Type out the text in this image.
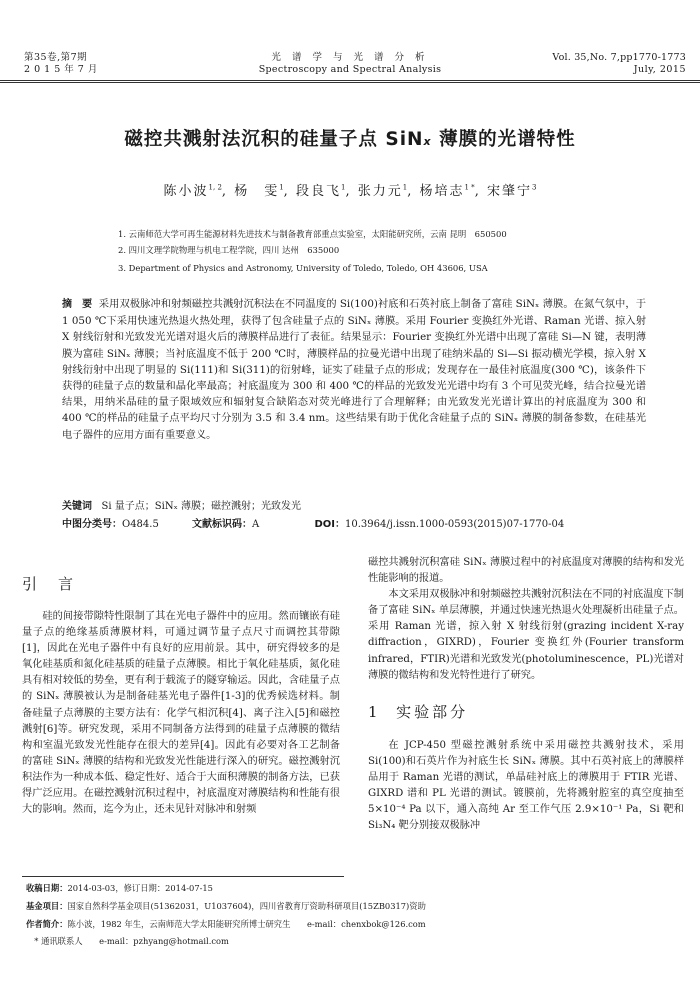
第35卷,第7期
2 0 1 5 年 7 月
光 谱 学 与 光 谱 分 析
Spectroscopy and Spectral Analysis
Vol. 35,No. 7,pp1770-1773
July, 2015
磁控共溅射法沉积的硅量子点 SiNx 薄膜的光谱特性
陈小波$^{1, 2}$, 杨　雯$^1$, 段良飞$^1$, 张力元$^1$, 杨培志$^{1 *}$, 宋肇宁$^3$
1. 云南师范大学可再生能源材料先进技术与制备教育部重点实验室，太阳能研究所，云南 昆明　650500
2. 四川文理学院物理与机电工程学院，四川 达州　635000
3. Department of Physics and Astronomy, University of Toledo, Toledo, OH 43606, USA
摘　要 采用双极脉冲和射频磁控共溅射沉积法在不同温度的 Si(100)衬底和石英衬底上制备了富硅 SiNₓ 薄膜。在氮气氛中，于 1 050 ℃下采用快速光热退火热处理，获得了包含硅量子点的 SiNₓ 薄膜。采用 Fourier 变换红外光谱、Raman 光谱、掠入射 X 射线衍射和光致发光光谱对退火后的薄膜样品进行了表征。结果显示：Fourier 变换红外光谱中出现了富硅 Si—N 键，表明薄膜为富硅 SiNₓ 薄膜；当衬底温度不低于 200 ℃时，薄膜样品的拉曼光谱中出现了硅纳米晶的 Si—Si 振动横光学模，掠入射 X 射线衍射中出现了明显的 Si(111)和 Si(311)的衍射峰，证实了硅量子点的形成；发现存在一最佳衬底温度(300 ℃)，该条件下获得的硅量子点的数量和晶化率最高；衬底温度为 300 和 400 ℃的样品的光致发光光谱中均有 3 个可见荧光峰，结合拉曼光谱结果，用纳米晶硅的量子限域效应和辐射复合缺陷态对荧光峰进行了合理解释；由光致发光光谱计算出的衬底温度为 300 和 400 ℃的样品的硅量子点平均尺寸分别为 3.5 和 3.4 nm。这些结果有助于优化含硅量子点的 SiNₓ 薄膜的制备参数，在硅基光电子器件的应用方面有重要意义。
关键词 Si 量子点；SiNₓ 薄膜；磁控溅射；光致发光
中图分类号：O484.5	文献标识码：A	DOI：10.3964/j.issn.1000-0593(2015)07-1770-04
引　言

硅的间接带隙特性限制了其在光电子器件中的应用。然而镶嵌有硅量子点的绝缘基质薄膜材料，可通过调节量子点尺寸而调控其带隙[1]，因此在光电子器件中有良好的应用前景。其中，研究得较多的是氧化硅基质和氮化硅基质的硅量子点薄膜。相比于氧化硅基质，氮化硅具有相对较低的势垒，更有利于载流子的隧穿输运。因此，含硅量子点的 SiNₓ 薄膜被认为是制备硅基光电子器件[1-3]的优秀候选材料。制备硅量子点薄膜的主要方法有：化学气相沉积[4]、离子注入[5]和磁控溅射[6]等。研究发现，采用不同制备方法得到的硅量子点薄膜的微结构和室温光致发光性能存在很大的差异[4]。因此有必要对各工艺制备的富硅 SiNₓ 薄膜的结构和光致发光性能进行深入的研究。磁控溅射沉积法作为一种成本低、稳定性好、适合于大面积薄膜的制备方法，已获得广泛应用。在磁控溅射沉积过程中，衬底温度对薄膜结构和性能有很大的影响。然而，迄今为止，还未见针对脉冲和射频

磁控共溅射沉积富硅 SiNₓ 薄膜过程中的衬底温度对薄膜的结构和发光性能影响的报道。

本文采用双极脉冲和射频磁控共溅射沉积法在不同的衬底温度下制备了富硅 SiNₓ 单层薄膜，并通过快速光热退火处理凝析出硅量子点。采用 Raman 光谱，掠入射 X 射线衍射(grazing incident X-ray diffraction，GIXRD)，Fourier 变换红外(Fourier transform infrared，FTIR)光谱和光致发光(photoluminescence，PL)光谱对薄膜的微结构和发光特性进行了研究。

1 实验部分

在 JCP-450 型磁控溅射系统中采用磁控共溅射技术，采用 Si(100)和石英片作为衬底生长 SiNₓ 薄膜。其中石英衬底上的薄膜样品用于 Raman 光谱的测试，单晶硅衬底上的薄膜用于 FTIR 光谱、GIXRD 谱和 PL 光谱的测试。镀膜前，先将溅射腔室的真空度抽至 5×10⁻⁴ Pa 以下，通入高纯 Ar 至工作气压 2.9×10⁻¹ Pa，Si 靶和 Si₃N₄ 靶分别接双极脉冲

收稿日期：2014-03-03，修订日期：2014-07-15
基金项目：国家自然科学基金项目(51362031，U1037604)，四川省教育厅资助科研项目(15ZB0317)资助
作者简介：陈小波，1982 年生，云南师范大学太阳能研究所博士研究生　　e-mail：chenxbok@126.com
　* 通讯联系人　　e-mail：pzhyang@hotmail.com
